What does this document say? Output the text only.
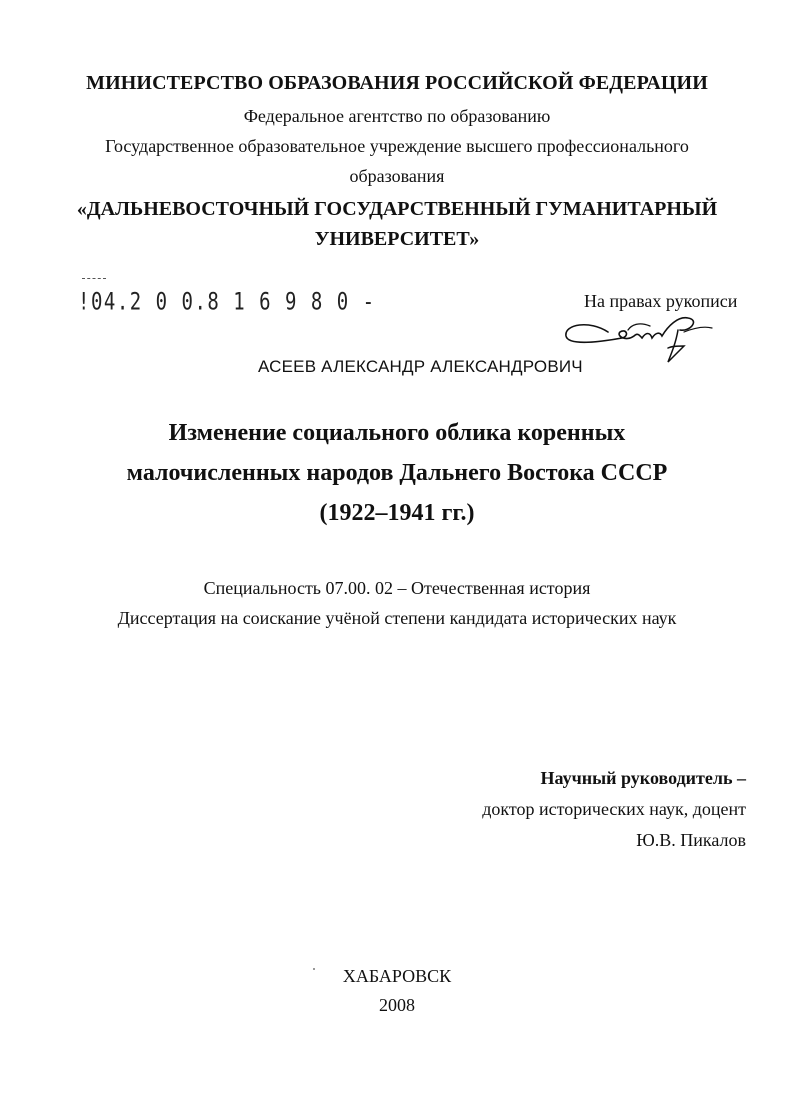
МИНИСТЕРСТВО ОБРАЗОВАНИЯ РОССИЙСКОЙ ФЕДЕРАЦИИ
Федеральное агентство по образованию
Государственное образовательное учреждение высшего профессионального
образования
«ДАЛЬНЕВОСТОЧНЫЙ ГОСУДАРСТВЕННЫЙ ГУМАНИТАРНЫЙ
УНИВЕРСИТЕТ»
!04.2 0 0.8 1 6 9 8 0 -	На правах рукописи
АСЕЕВ АЛЕКСАНДР АЛЕКСАНДРОВИЧ
Изменение социального облика коренных
малочисленных народов Дальнего Востока СССР
(1922–1941 гг.)
Специальность 07.00. 02 – Отечественная история
Диссертация на соискание учёной степени кандидата исторических наук
Научный руководитель –
доктор исторических наук, доцент
Ю.В. Пикалов
ХАБАРОВСК
2008
